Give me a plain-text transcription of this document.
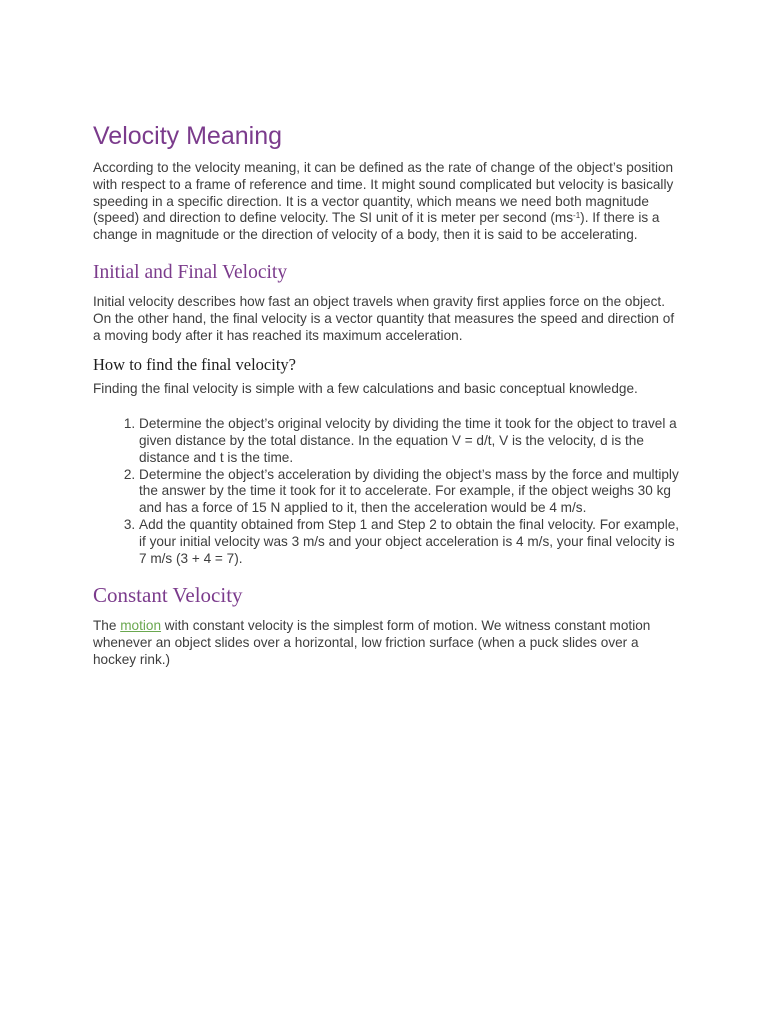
Velocity Meaning

According to the velocity meaning, it can be defined as the rate of change of the object’s position with respect to a frame of reference and time. It might sound complicated but velocity is basically speeding in a specific direction. It is a vector quantity, which means we need both magnitude (speed) and direction to define velocity. The SI unit of it is meter per second $(ms^{-1})$. If there is a change in magnitude or the direction of velocity of a body, then it is said to be accelerating.

Initial and Final Velocity

Initial velocity describes how fast an object travels when gravity first applies force on the object. On the other hand, the final velocity is a vector quantity that measures the speed and direction of a moving body after it has reached its maximum acceleration.

How to find the final velocity?

Finding the final velocity is simple with a few calculations and basic conceptual knowledge.

1. Determine the object’s original velocity by dividing the time it took for the object to travel a given distance by the total distance. In the equation V = d/t, V is the velocity, d is the distance and t is the time.
2. Determine the object’s acceleration by dividing the object’s mass by the force and multiply the answer by the time it took for it to accelerate. For example, if the object weighs 30 kg and has a force of 15 N applied to it, then the acceleration would be 4 m/s.
3. Add the quantity obtained from Step 1 and Step 2 to obtain the final velocity. For example, if your initial velocity was 3 m/s and your object acceleration is 4 m/s, your final velocity is 7 m/s (3 + 4 = 7).
Constant Velocity

The motion with constant velocity is the simplest form of motion. We witness constant motion whenever an object slides over a horizontal, low friction surface (when a puck slides over a hockey rink.)
